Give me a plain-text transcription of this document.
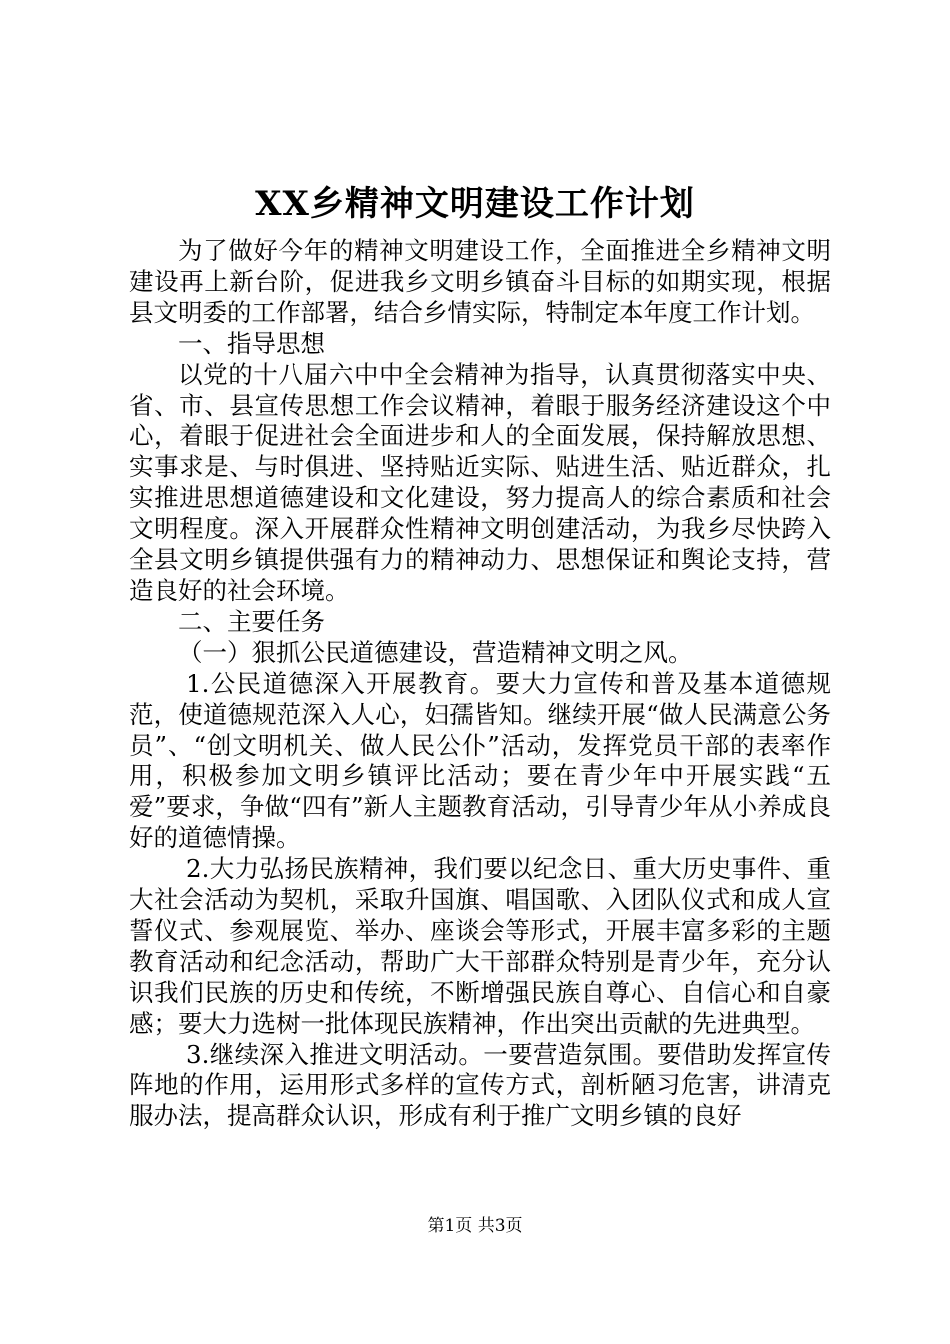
XX乡精神文明建设工作计划

为了做好今年的精神文明建设工作，全面推进全乡精神文明建设再上新台阶，促进我乡文明乡镇奋斗目标的如期实现，根据县文明委的工作部署，结合乡情实际，特制定本年度工作计划。

一、指导思想

以党的十八届六中中全会精神为指导，认真贯彻落实中央、省、市、县宣传思想工作会议精神，着眼于服务经济建设这个中心，着眼于促进社会全面进步和人的全面发展，保持解放思想、实事求是、与时俱进、坚持贴近实际、贴进生活、贴近群众，扎实推进思想道德建设和文化建设，努力提高人的综合素质和社会文明程度。深入开展群众性精神文明创建活动，为我乡尽快跨入全县文明乡镇提供强有力的精神动力、思想保证和舆论支持，营造良好的社会环境。

二、主要任务

（一）狠抓公民道德建设，营造精神文明之风。

1.公民道德深入开展教育。要大力宣传和普及基本道德规范，使道德规范深入人心，妇孺皆知。继续开展“做人民满意公务员”、“创文明机关、做人民公仆”活动，发挥党员干部的表率作用，积极参加文明乡镇评比活动；要在青少年中开展实践“五爱”要求，争做“四有”新人主题教育活动，引导青少年从小养成良好的道德情操。

2.大力弘扬民族精神，我们要以纪念日、重大历史事件、重大社会活动为契机，采取升国旗、唱国歌、入团队仪式和成人宣誓仪式、参观展览、举办、座谈会等形式，开展丰富多彩的主题教育活动和纪念活动，帮助广大干部群众特别是青少年，充分认识我们民族的历史和传统，不断增强民族自尊心、自信心和自豪感；要大力选树一批体现民族精神，作出突出贡献的先进典型。

3.继续深入推进文明活动。一要营造氛围。要借助发挥宣传阵地的作用，运用形式多样的宣传方式，剖析陋习危害，讲清克服办法，提高群众认识，形成有利于推广文明乡镇的良好

第1页 共3页
